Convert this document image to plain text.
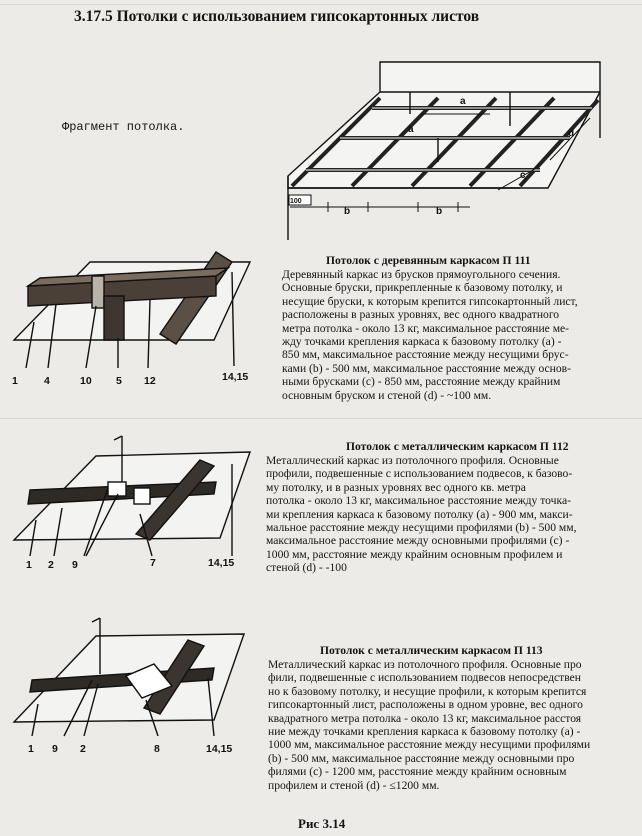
3.17.5 Потолки с использованием гипсокартонных листов
Фрагмент потолка.
a
a
b	b
c
d
100
1 4	10 5 12	14,15
1 2 9	7	14,15
1 9 2	8	14,15
Потолок с деревянным каркасом П 111
Деревянный каркас из брусков прямоугольного сечения.
Основные бруски, прикрепленные к базовому потолку, и
несущие бруски, к которым крепится гипсокартонный лист,
расположены в разных уровнях, вес одного квадратного
метра потолка - около 13 кг, максимальное расстояние ме-
жду точками крепления каркаса к базовому потолку (a) -
850 мм, максимальное расстояние между несущими брус-
ками (b) - 500 мм, максимальное расстояние между основ-
ными брусками (c) - 850 мм, расстояние между крайним
основным бруском и стеной (d) - ~100 мм.
Потолок с металлическим каркасом П 112
Металлический каркас из потолочного профиля. Основные
профили, подвешенные с использованием подвесов, к базово-
му потолку, и в разных уровнях вес одного кв. метра
потолка - около 13 кг, максимальное расстояние между точка-
ми крепления каркаса к базовому потолку (a) - 900 мм, макси-
мальное расстояние между несущими профилями (b) - 500 мм,
максимальное расстояние между основными профилями (c) -
1000 мм, расстояние между крайним основным профилем и
стеной (d) - -100
Потолок с металлическим каркасом П 113
Металлический каркас из потолочного профиля. Основные про
фили, подвешенные с использованием подвесов непосредствен
но к базовому потолку, и несущие профили, к которым крепится
гипсокартонный лист, расположены в одном уровне, вес одного
квадратного метра потолка - около 13 кг, максимальное расстоя
ние между точками крепления каркаса к базовому потолку (a) -
1000 мм, максимальное расстояние между несущими профилями
(b) - 500 мм, максимальное расстояние между основными про
филями (c) - 1200 мм, расстояние между крайним основным
профилем и стеной (d) - ≤1200 мм.
Рис 3.14
